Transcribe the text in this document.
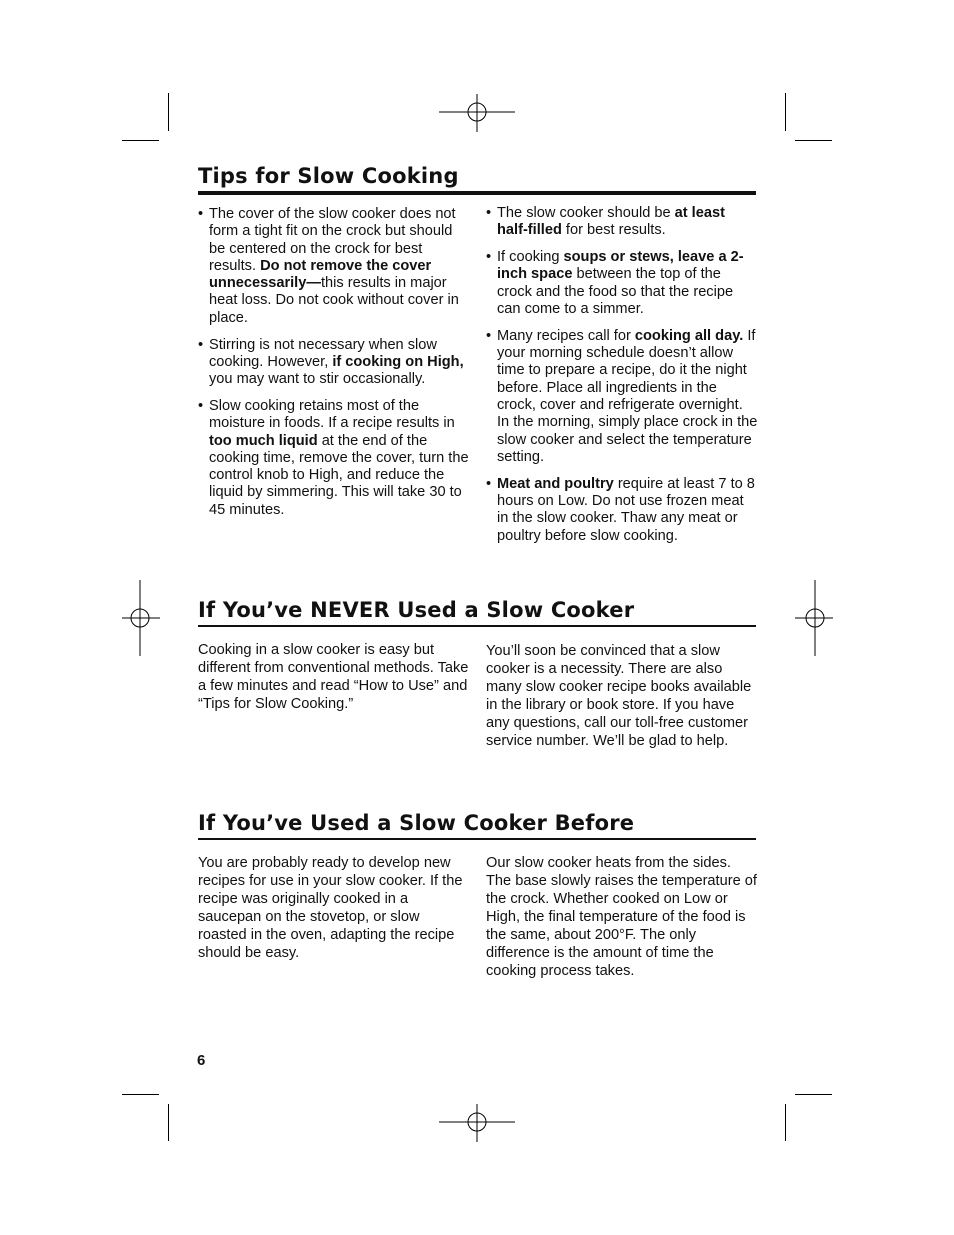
Tips for Slow Cooking
• The cover of the slow cooker does not form a tight fit on the crock but should be centered on the crock for best results. Do not remove the cover unnecessarily—this results in major heat loss. Do not cook without cover in place.
• Stirring is not necessary when slow cooking. However, if cooking on High, you may want to stir occasionally.
• Slow cooking retains most of the moisture in foods. If a recipe results in too much liquid at the end of the cooking time, remove the cover, turn the control knob to High, and reduce the liquid by simmering. This will take 30 to 45 minutes.
• The slow cooker should be at least half-filled for best results.
• If cooking soups or stews, leave a 2-inch space between the top of the crock and the food so that the recipe can come to a simmer.
• Many recipes call for cooking all day. If your morning schedule doesn’t allow time to prepare a recipe, do it the night before. Place all ingredients in the crock, cover and refrigerate overnight. In the morning, simply place crock in the slow cooker and select the temperature setting.
• Meat and poultry require at least 7 to 8 hours on Low. Do not use frozen meat in the slow cooker. Thaw any meat or poultry before slow cooking.
If You’ve NEVER Used a Slow Cooker

Cooking in a slow cooker is easy but different from conventional methods. Take a few minutes and read “How to Use” and “Tips for Slow Cooking.”

You’ll soon be convinced that a slow cooker is a necessity. There are also many slow cooker recipe books available in the library or book store. If you have any questions, call our toll-free customer service number. We’ll be glad to help.

If You’ve Used a Slow Cooker Before

You are probably ready to develop new recipes for use in your slow cooker. If the recipe was originally cooked in a saucepan on the stovetop, or slow roasted in the oven, adapting the recipe should be easy.

Our slow cooker heats from the sides. The base slowly raises the temperature of the crock. Whether cooked on Low or High, the final temperature of the food is the same, about 200°F. The only difference is the amount of time the cooking process takes.

6
